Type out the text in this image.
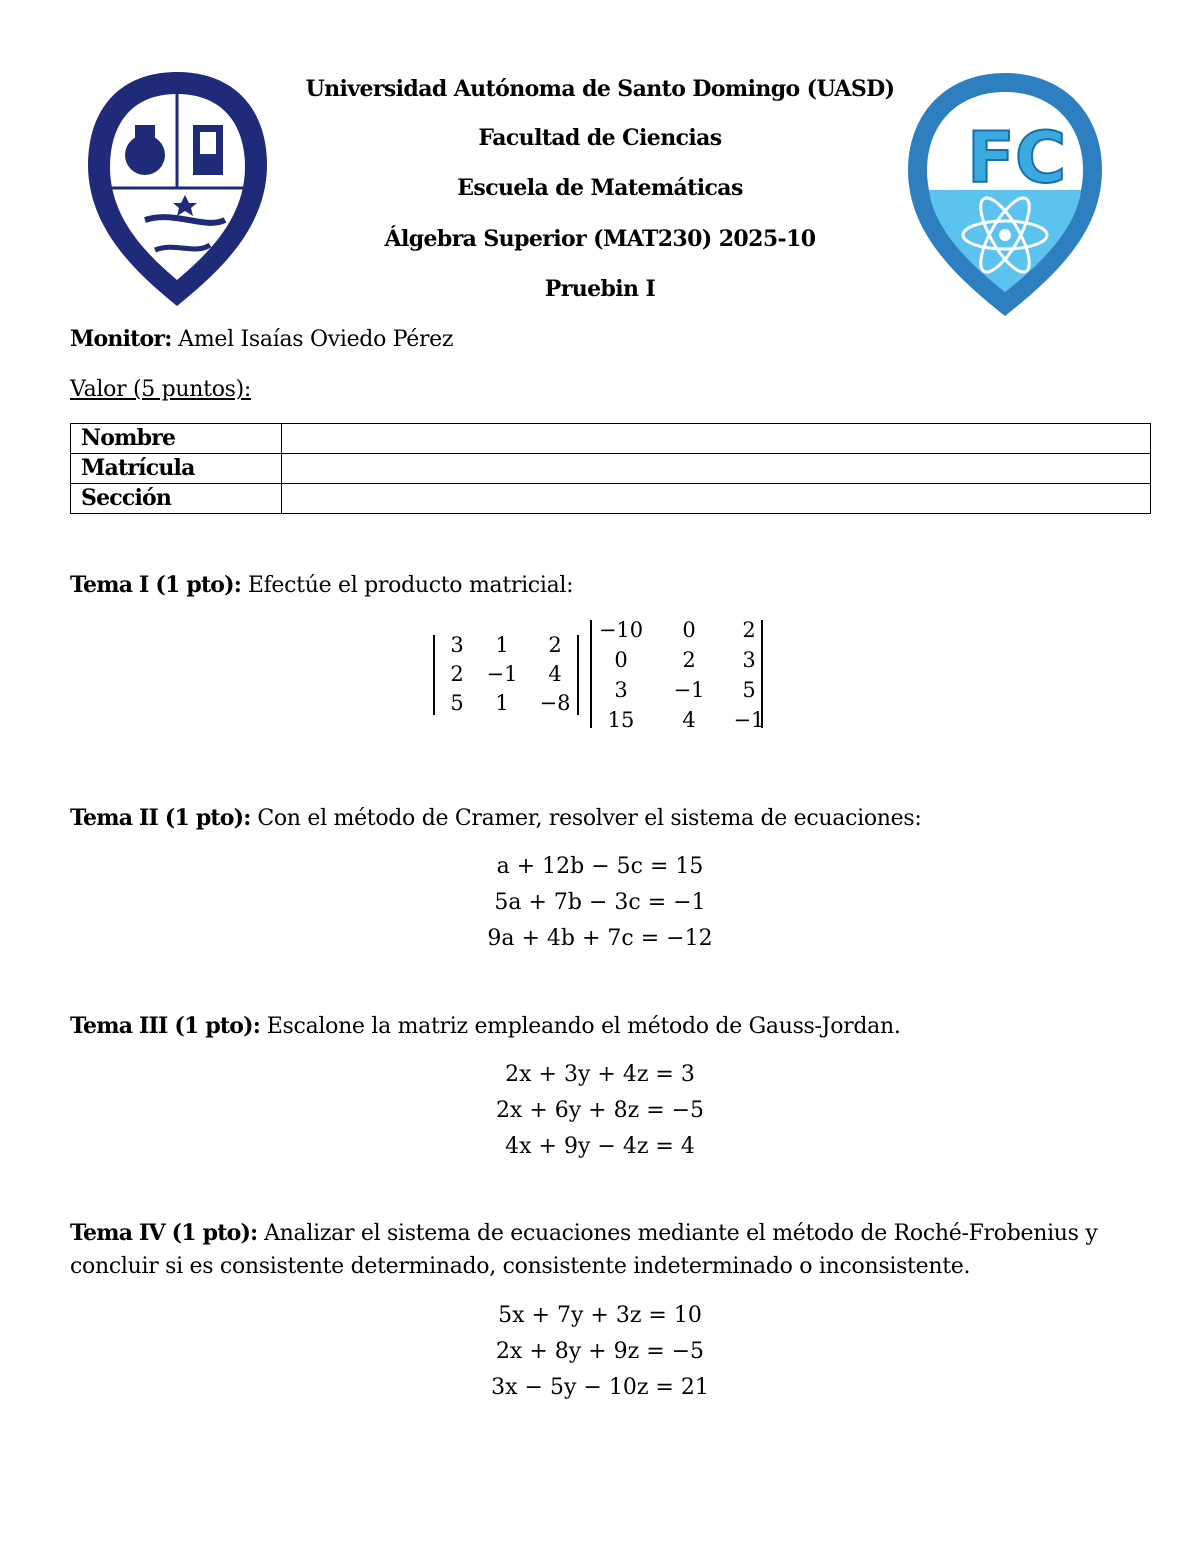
FC
Universidad Autónoma de Santo Domingo (UASD)
Facultad de Ciencias
Escuela de Matemáticas
Álgebra Superior (MAT230) 2025-10
Pruebin I
Monitor: Amel Isaías Oviedo Pérez
Valor (5 puntos):
Nombre	
Matrícula	
Sección	
Tema I (1 pto): Efectúe el producto matricial:
Tema II (1 pto): Con el método de Cramer, resolver el sistema de ecuaciones:
a + 12b − 5c = 15
5a + 7b − 3c = −1
9a + 4b + 7c = −12
Tema III (1 pto): Escalone la matriz empleando el método de Gauss-Jordan.
2x + 3y + 4z = 3
2x + 6y + 8z = −5
4x + 9y − 4z = 4
Tema IV (1 pto): Analizar el sistema de ecuaciones mediante el método de Roché-Frobenius y
concluir si es consistente determinado, consistente indeterminado o inconsistente.
5x + 7y + 3z = 10
2x + 8y + 9z = −5
3x − 5y − 10z = 21
3	1	2
2	−1	4
5	1	−8
−10	0	2
0	2	3
3	−1	5
15	4	−1
